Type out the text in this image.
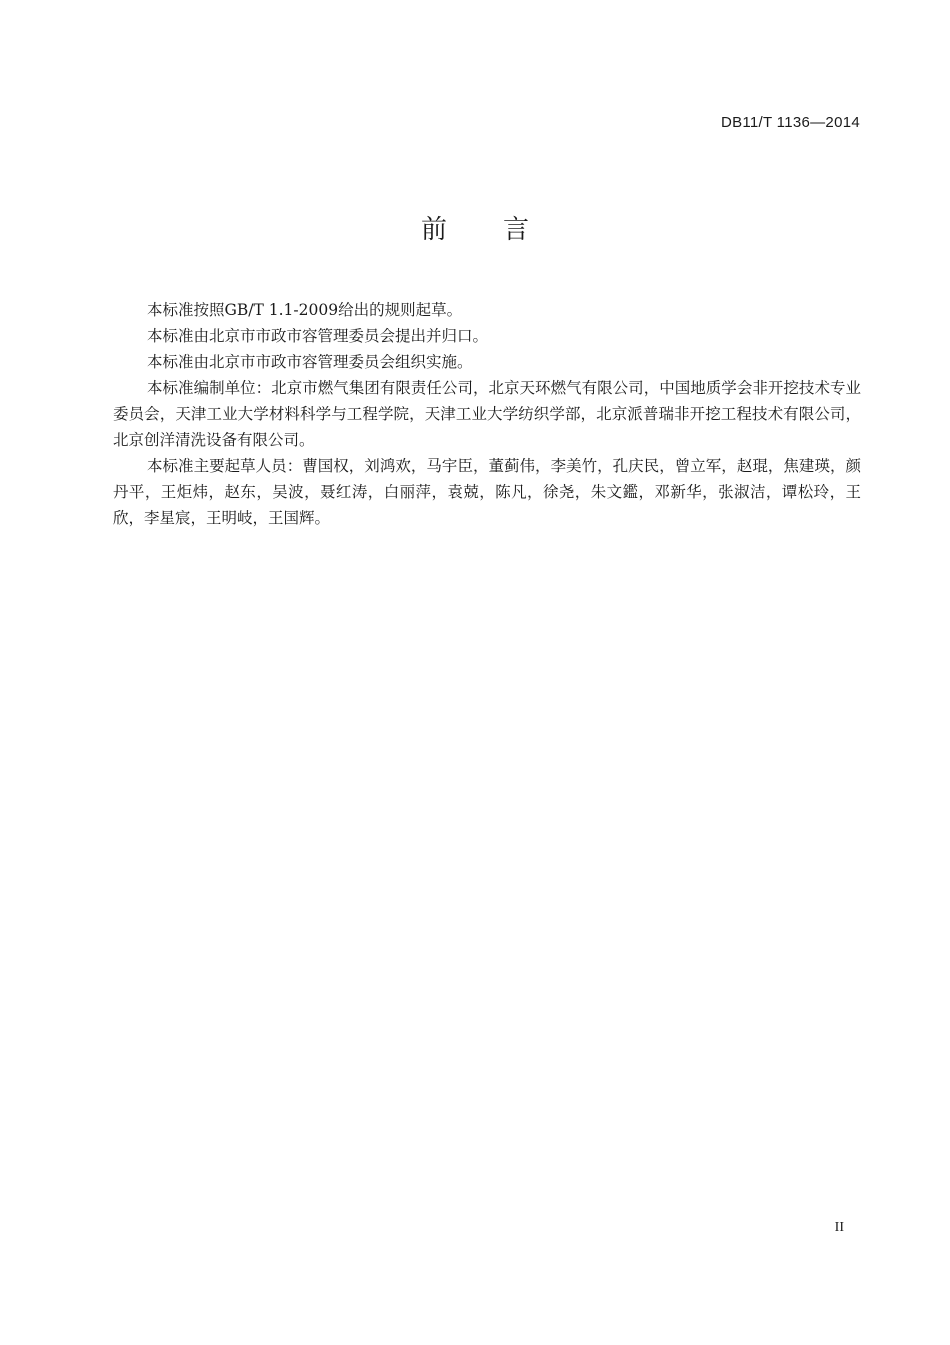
DB11/T 1136—2014
前言

本标准按照GB/T 1.1-2009给出的规则起草。

本标准由北京市市政市容管理委员会提出并归口。

本标准由北京市市政市容管理委员会组织实施。

本标准编制单位：北京市燃气集团有限责任公司，北京天环燃气有限公司，中国地质学会非开挖技术专业委员会，天津工业大学材料科学与工程学院，天津工业大学纺织学部，北京派普瑞非开挖工程技术有限公司，北京创洋清洗设备有限公司。

本标准主要起草人员：曹国权，刘鸿欢，马宇臣，董蓟伟，李美竹，孔庆民，曾立军，赵琨，焦建瑛，颜丹平，王炬炜，赵东，吴波，聂红涛，白丽萍，袁兢，陈凡，徐尧，朱文鑑，邓新华，张淑洁，谭松玲，王欣，李星宸，王明岐，王国辉。

II
